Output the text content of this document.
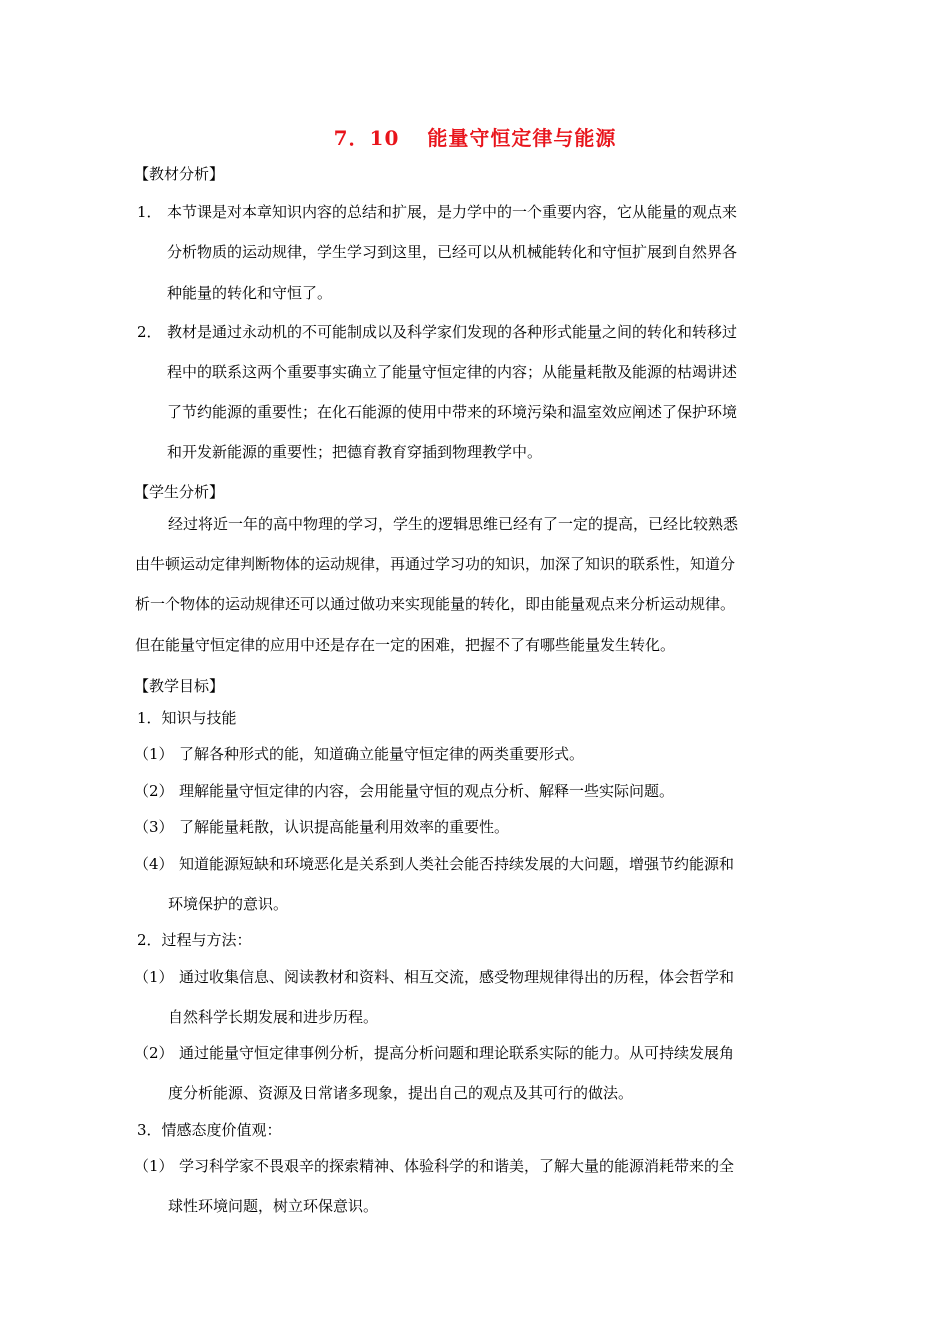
7．10 能量守恒定律与能源
【教材分析】
1． 本节课是对本章知识内容的总结和扩展，是力学中的一个重要内容，它从能量的观点来
分析物质的运动规律，学生学习到这里，已经可以从机械能转化和守恒扩展到自然界各
种能量的转化和守恒了。
2． 教材是通过永动机的不可能制成以及科学家们发现的各种形式能量之间的转化和转移过
程中的联系这两个重要事实确立了能量守恒定律的内容；从能量耗散及能源的枯竭讲述
了节约能源的重要性；在化石能源的使用中带来的环境污染和温室效应阐述了保护环境
和开发新能源的重要性；把德育教育穿插到物理教学中。
【学生分析】
经过将近一年的高中物理的学习，学生的逻辑思维已经有了一定的提高，已经比较熟悉
由牛顿运动定律判断物体的运动规律，再通过学习功的知识，加深了知识的联系性，知道分
析一个物体的运动规律还可以通过做功来实现能量的转化，即由能量观点来分析运动规律。
但在能量守恒定律的应用中还是存在一定的困难，把握不了有哪些能量发生转化。
【教学目标】
1．知识与技能
（1） 了解各种形式的能，知道确立能量守恒定律的两类重要形式。
（2） 理解能量守恒定律的内容，会用能量守恒的观点分析、解释一些实际问题。
（3） 了解能量耗散，认识提高能量利用效率的重要性。
（4） 知道能源短缺和环境恶化是关系到人类社会能否持续发展的大问题，增强节约能源和
环境保护的意识。
2．过程与方法：
（1） 通过收集信息、阅读教材和资料、相互交流，感受物理规律得出的历程，体会哲学和
自然科学长期发展和进步历程。
（2） 通过能量守恒定律事例分析，提高分析问题和理论联系实际的能力。从可持续发展角
度分析能源、资源及日常诸多现象，提出自己的观点及其可行的做法。
3．情感态度价值观：
（1） 学习科学家不畏艰辛的探索精神、体验科学的和谐美，了解大量的能源消耗带来的全
球性环境问题，树立环保意识。
